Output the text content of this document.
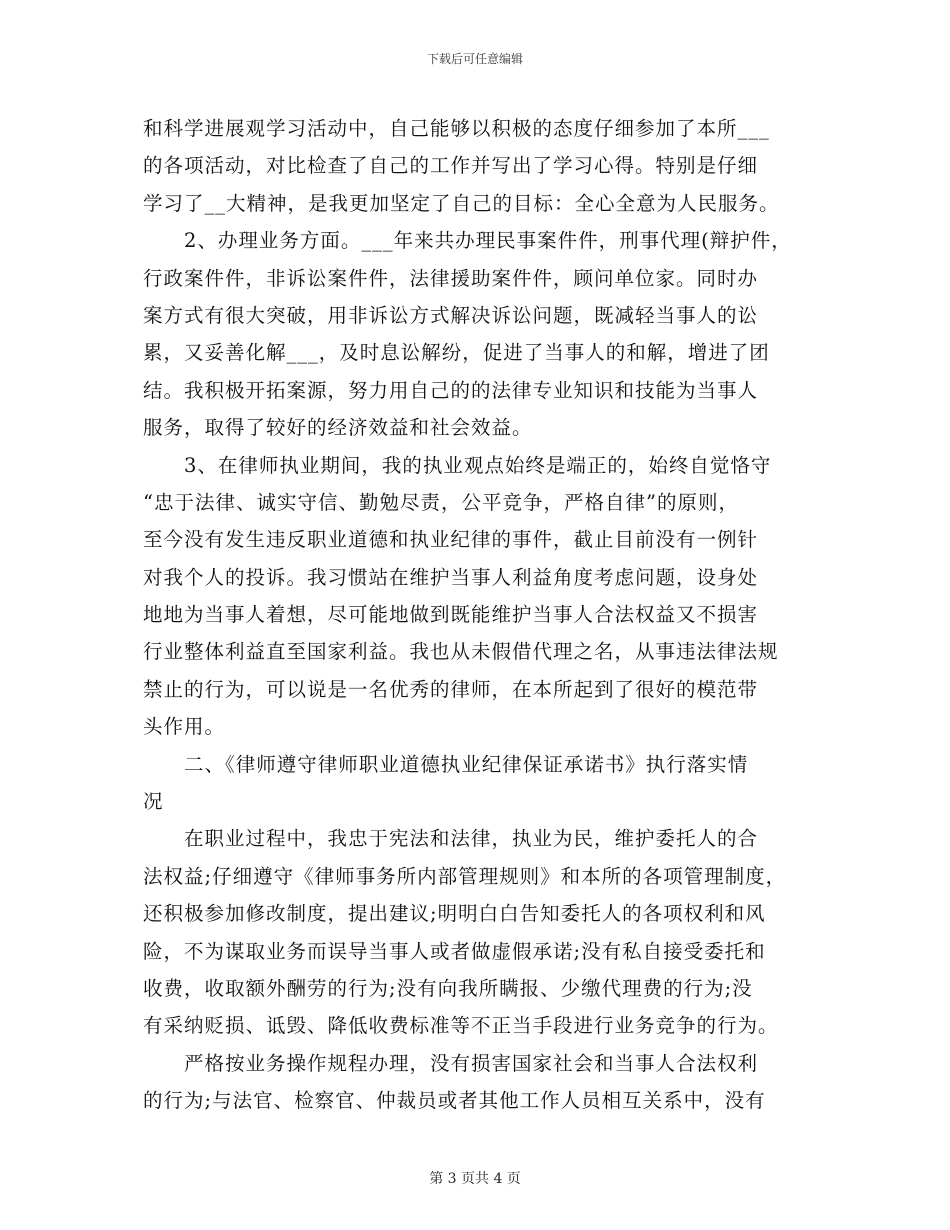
下载后可任意编辑
和科学进展观学习活动中，自己能够以积极的态度仔细参加了本所___
的各项活动，对比检查了自己的工作并写出了学习心得。特别是仔细
学习了__大精神，是我更加坚定了自己的目标：全心全意为人民服务。
　　2、办理业务方面。___年来共办理民事案件件，刑事代理(辩护件，
行政案件件，非诉讼案件件，法律援助案件件，顾问单位家。同时办
案方式有很大突破，用非诉讼方式解决诉讼问题，既减轻当事人的讼
累，又妥善化解___，及时息讼解纷，促进了当事人的和解，增进了团
结。我积极开拓案源，努力用自己的的法律专业知识和技能为当事人
服务，取得了较好的经济效益和社会效益。
　　3、在律师执业期间，我的执业观点始终是端正的，始终自觉恪守
“忠于法律、诚实守信、勤勉尽责，公平竞争，严格自律”的原则，
至今没有发生违反职业道德和执业纪律的事件，截止目前没有一例针
对我个人的投诉。我习惯站在维护当事人利益角度考虑问题，设身处
地地为当事人着想，尽可能地做到既能维护当事人合法权益又不损害
行业整体利益直至国家利益。我也从未假借代理之名，从事违法律法规
禁止的行为，可以说是一名优秀的律师，在本所起到了很好的模范带
头作用。
　　二、《律师遵守律师职业道德执业纪律保证承诺书》执行落实情
况
　　在职业过程中，我忠于宪法和法律，执业为民，维护委托人的合
法权益;仔细遵守《律师事务所内部管理规则》和本所的各项管理制度，
还积极参加修改制度，提出建议;明明白白告知委托人的各项权利和风
险，不为谋取业务而误导当事人或者做虚假承诺;没有私自接受委托和
收费，收取额外酬劳的行为;没有向我所瞒报、少缴代理费的行为;没
有采纳贬损、诋毁、降低收费标准等不正当手段进行业务竞争的行为。
　　严格按业务操作规程办理，没有损害国家社会和当事人合法权利
的行为;与法官、检察官、仲裁员或者其他工作人员相互关系中，没有
第 3 页共 4 页
